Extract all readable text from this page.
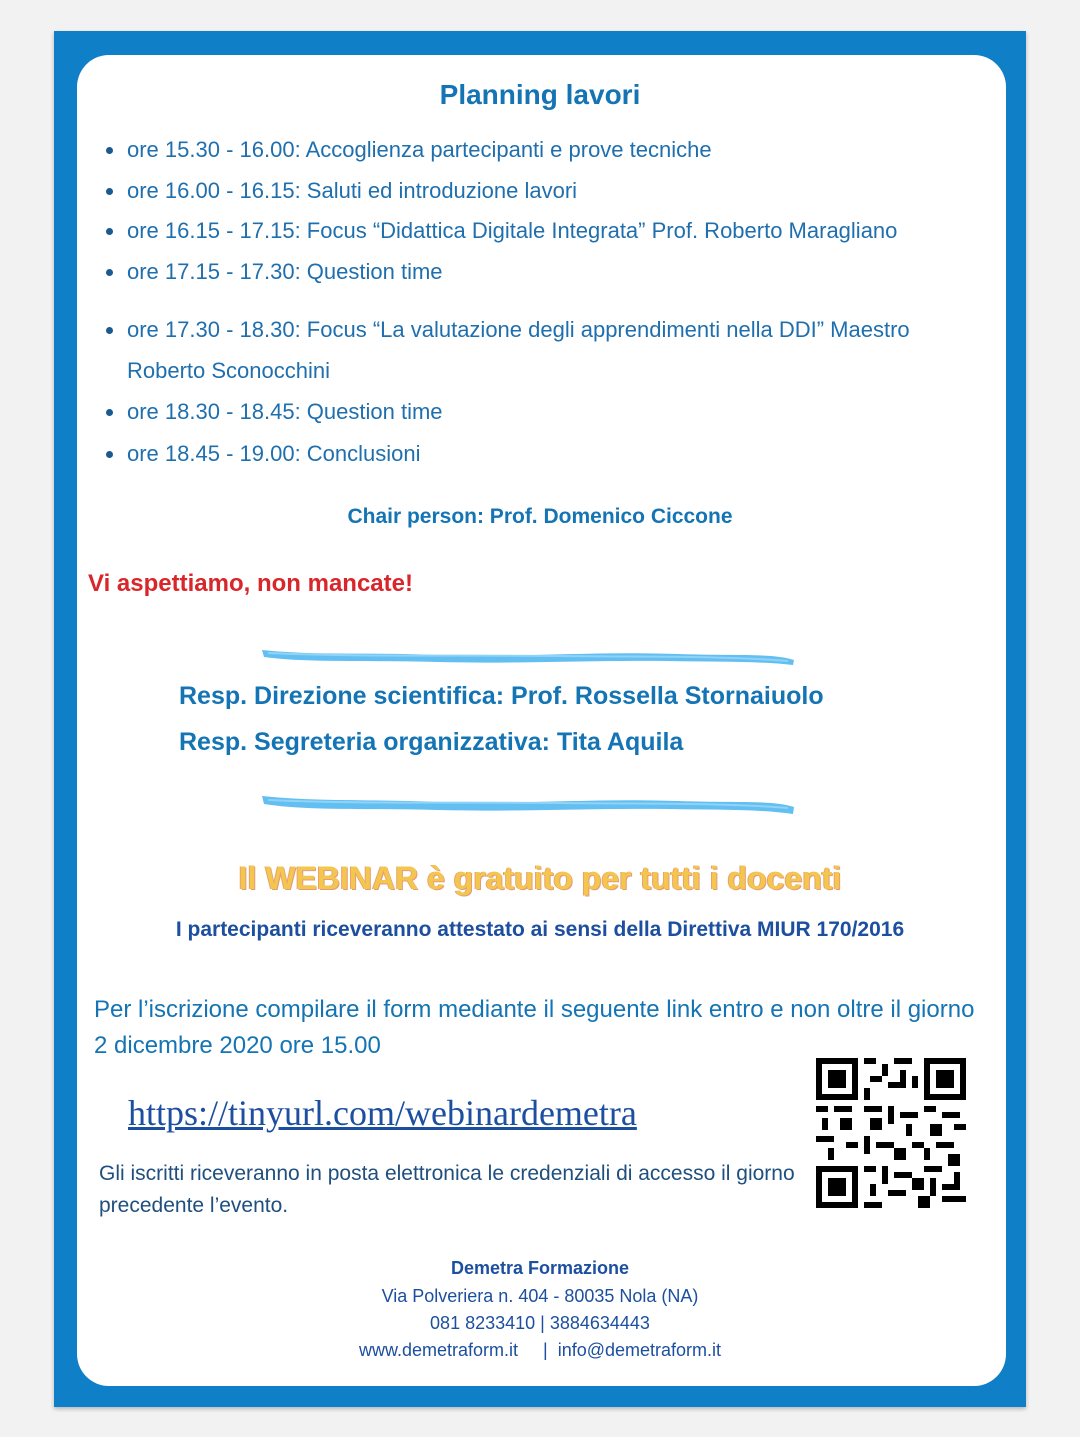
Planning lavori
ore 15.30 - 16.00: Accoglienza partecipanti e prove tecniche
ore 16.00 - 16.15: Saluti ed introduzione lavori
ore 16.15 - 17.15: Focus “Didattica Digitale Integrata” Prof. Roberto Maragliano
ore 17.15 - 17.30: Question time
ore 17.30 - 18.30: Focus “La valutazione degli apprendimenti nella DDI” Maestro
Roberto Sconocchini
ore 18.30 - 18.45: Question time
ore 18.45 - 19.00: Conclusioni
Chair person: Prof. Domenico Ciccone
Vi aspettiamo, non mancate!
Resp. Direzione scientifica: Prof. Rossella Stornaiuolo
Resp. Segreteria organizzativa: Tita Aquila
Il WEBINAR è gratuito per tutti i docenti
I partecipanti riceveranno attestato ai sensi della Direttiva MIUR 170/2016
Per l’iscrizione compilare il form mediante il seguente link entro e non oltre il giorno 2 dicembre 2020 ore 15.00
https://tinyurl.com/webinardemetra
Gli iscritti riceveranno in posta elettronica le credenziali di accesso il giorno precedente l’evento.
Demetra Formazione
Via Polveriera n. 404 - 80035 Nola (NA)
081 8233410 | 3884634443
www.demetraform.it     |  info@demetraform.it
